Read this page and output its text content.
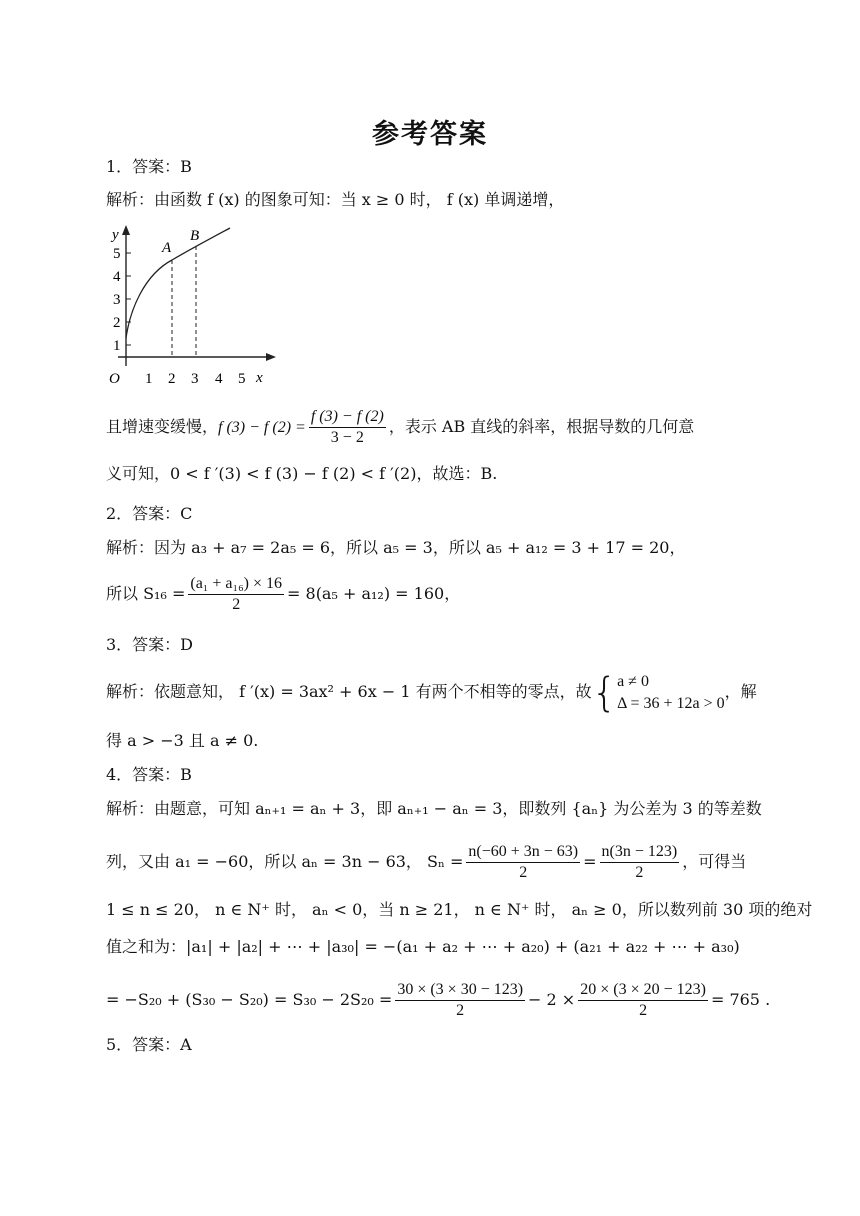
参考答案
1．答案：B
解析：由函数 f (x) 的图象可知：当 x ≥ 0 时， f (x) 单调递增，
y
x
O
A
B
5
4
3
2
1
1 2 3 4 5
且增速变缓慢，f (3) − f $(2) = \frac{f (3) - f (2)}{3 - 2}$ ，表示 AB 直线的斜率，根据导数的几何意
义可知，0 < f ′(3) < f (3) − f (2) < f ′(2)，故选：B.
2．答案：C
解析：因为 a₃ + a₇ = 2a₅ = 6，所以 a₅ = 3，所以 a₅ + a₁₂ = 3 + 17 = 20，
所以 $S_{16} = \frac{\text{(a₁ + a₁₆) × 16}}{2} = 8(a_5 + a_{12}) = 160$，
3．答案：D
解析：依题意知， f ′(x) = 3ax² + 6x − 1 有两个不相等的零点，故{ a ≠ 0
Δ = 36 + 12a > 0
，解
得 a > −3 且 a ≠ 0.
4．答案：B
解析：由题意，可知 aₙ₊₁ = aₙ + 3，即 aₙ₊₁ − aₙ = 3，即数列 {aₙ} 为公差为 3 的等差数
列，又由 a₁ = −60，所以 aₙ = 3n − 63， $S_n = \frac{n(-60 + 3n - 63)}{2} = \frac{n(3n - 123)}{2}$ ，可得当
1 ≤ n ≤ 20， n ∈ N⁺ 时， aₙ < 0，当 n ≥ 21， n ∈ N⁺ 时， aₙ ≥ 0，所以数列前 30 项的绝对
值之和为：|a₁| + |a₂| + ⋯ + |a₃₀| = −(a₁ + a₂ + ⋯ + a₂₀) + (a₂₁ + a₂₂ + ⋯ + a₃₀)
= $-S_{20} + (S_{30} - S_{20}) = S_{30} - 2S_{20} = \frac{30 \times (3 \times 30 - 123)}{2} - 2 \times \frac{20 \times (3 \times 20 - 123)}{2} = 765$ .
5．答案：A
